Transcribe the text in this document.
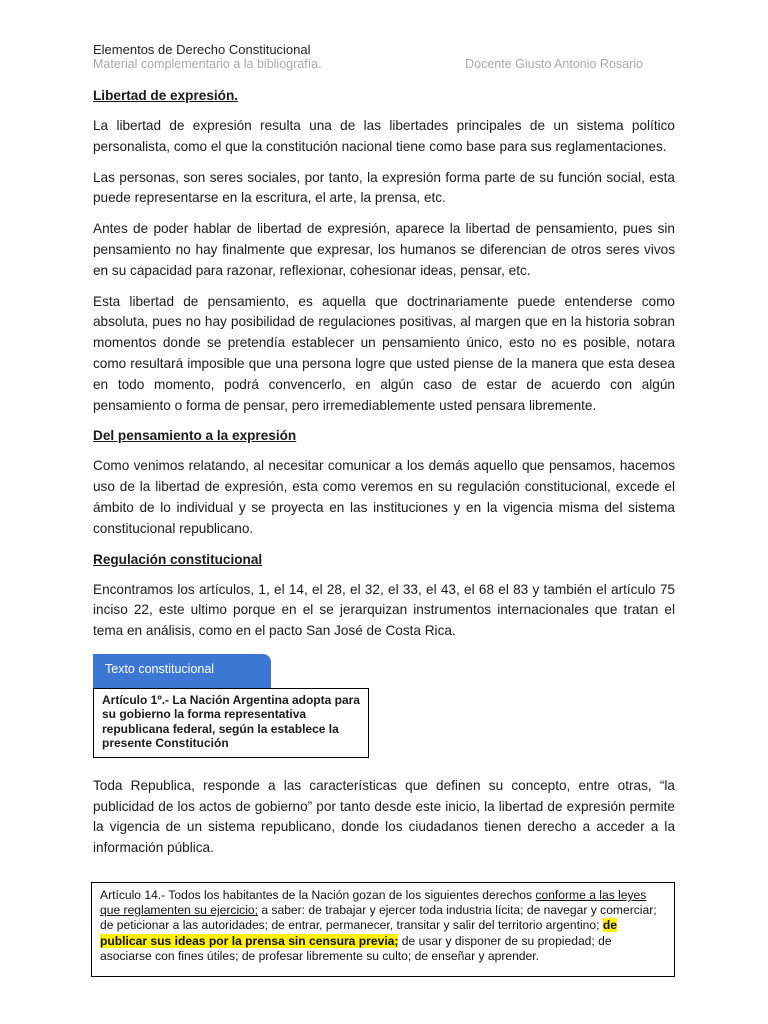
Elementos de Derecho Constitucional
Material complementario a la bibliografía.	Docente Giusto Antonio Rosario
Libertad de expresión.

La libertad de expresión resulta una de las libertades principales de un sistema político personalista, como el que la constitución nacional tiene como base para sus reglamentaciones.

Las personas, son seres sociales, por tanto, la expresión forma parte de su función social, esta puede representarse en la escritura, el arte, la prensa, etc.

Antes de poder hablar de libertad de expresión, aparece la libertad de pensamiento, pues sin pensamiento no hay finalmente que expresar, los humanos se diferencian de otros seres vivos en su capacidad para razonar, reflexionar, cohesionar ideas, pensar, etc.

Esta libertad de pensamiento, es aquella que doctrinariamente puede entenderse como absoluta, pues no hay posibilidad de regulaciones positivas, al margen que en la historia sobran momentos donde se pretendía establecer un pensamiento único, esto no es posible, notara como resultará imposible que una persona logre que usted piense de la manera que esta desea en todo momento, podrá convencerlo, en algún caso de estar de acuerdo con algún pensamiento o forma de pensar, pero irremediablemente usted pensara libremente.

Del pensamiento a la expresión

Como venimos relatando, al necesitar comunicar a los demás aquello que pensamos, hacemos uso de la libertad de expresión, esta como veremos en su regulación constitucional, excede el ámbito de lo individual y se proyecta en las instituciones y en la vigencia misma del sistema constitucional republicano.

Regulación constitucional

Encontramos los artículos, 1, el 14, el 28, el 32, el 33, el 43, el 68 el 83 y también el artículo 75 inciso 22, este ultimo porque en el se jerarquizan instrumentos internacionales que tratan el tema en análisis, como en el pacto San José de Costa Rica.

Texto constitucional
Artículo 1º.- La Nación Argentina adopta para su gobierno la forma representativa republicana federal, según la establece la presente Constitución

Toda Republica, responde a las características que definen su concepto, entre otras, “la publicidad de los actos de gobierno” por tanto desde este inicio, la libertad de expresión permite la vigencia de un sistema republicano, donde los ciudadanos tienen derecho a acceder a la información pública.

Artículo 14.- Todos los habitantes de la Nación gozan de los siguientes derechos conforme a las leyes que reglamenten su ejercicio; a saber: de trabajar y ejercer toda industria lícita; de navegar y comerciar; de peticionar a las autoridades; de entrar, permanecer, transitar y salir del territorio argentino; de publicar sus ideas por la prensa sin censura previa; de usar y disponer de su propiedad; de asociarse con fines útiles; de profesar libremente su culto; de enseñar y aprender.
